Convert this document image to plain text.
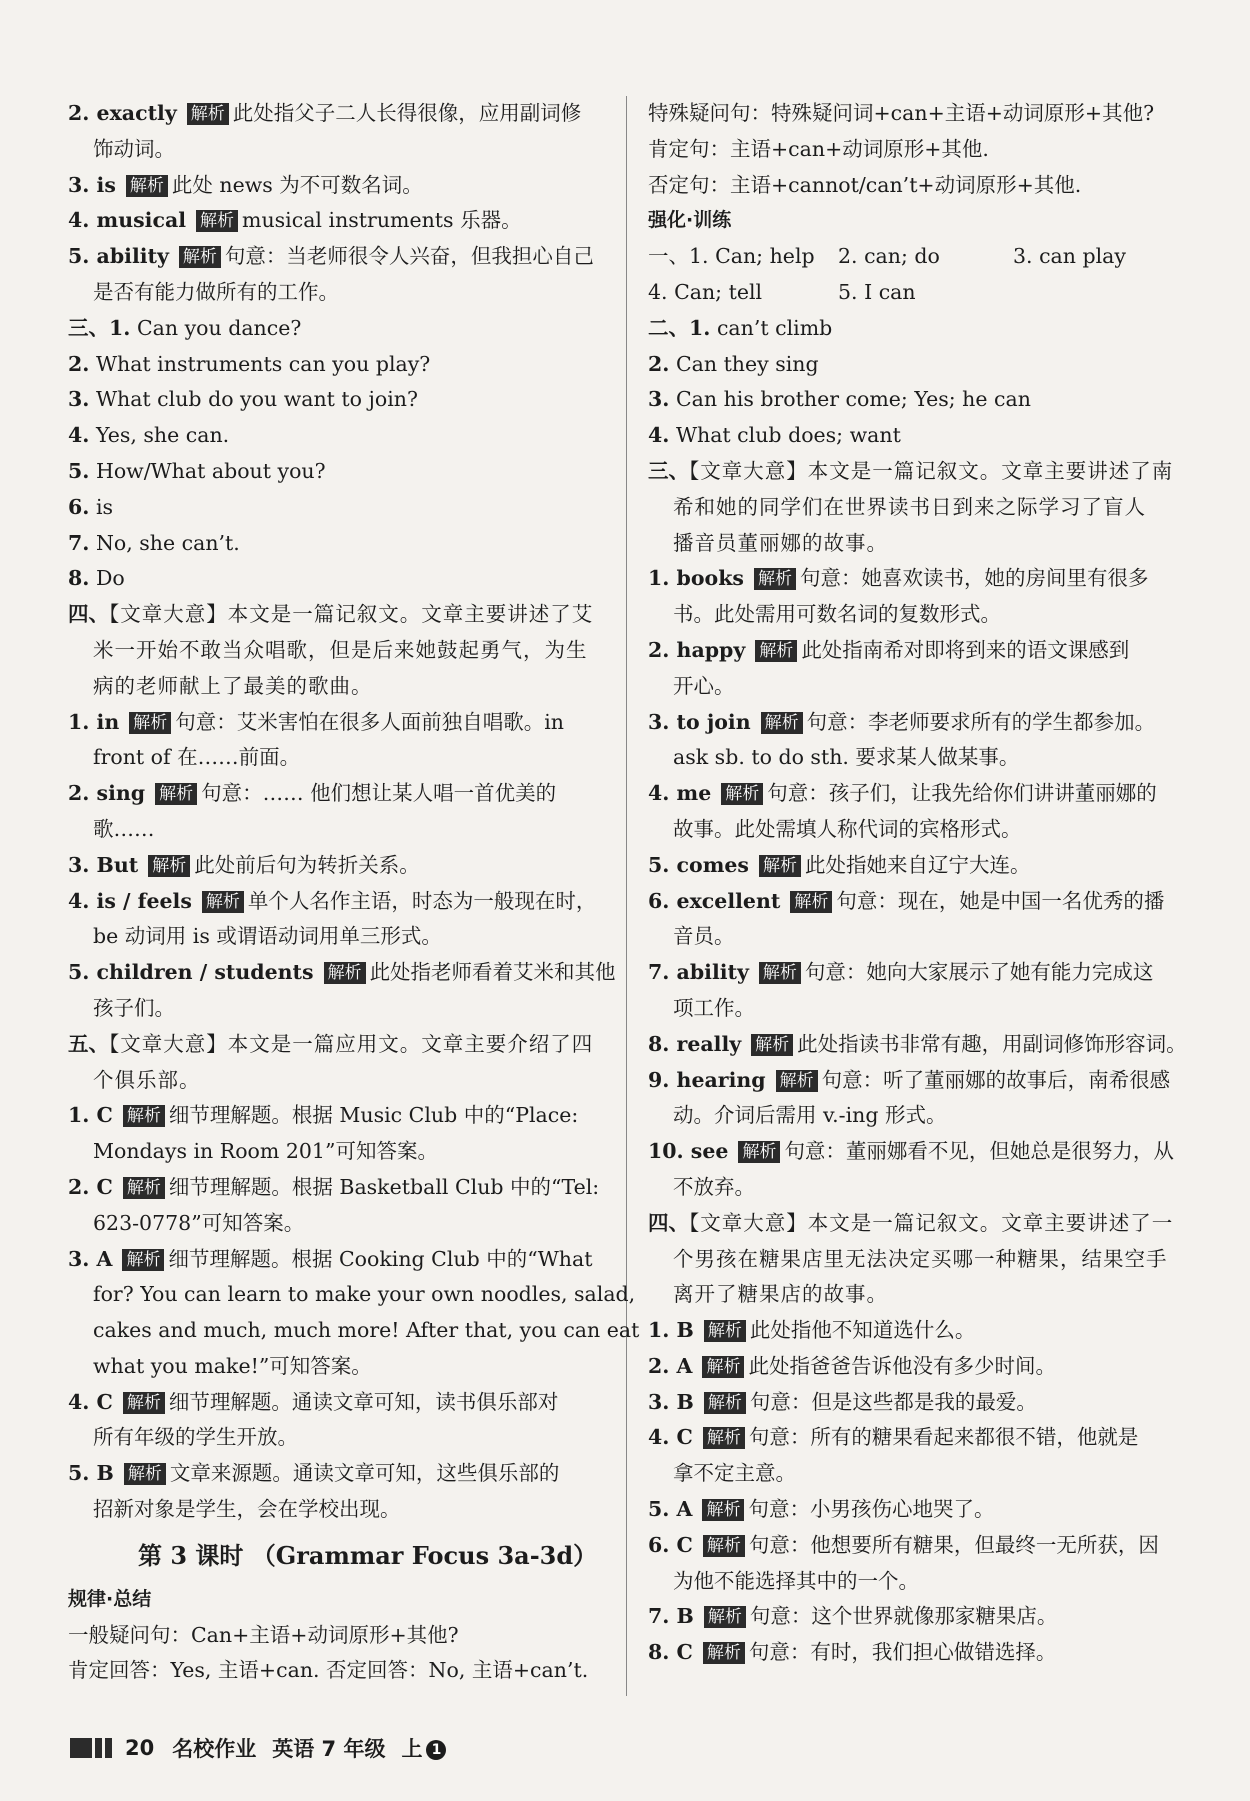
2. exactly 解析 此处指父子二人长得很像，应用副词修
饰动词。
3. is 解析 此处 news 为不可数名词。
4. musical 解析 musical instruments 乐器。
5. ability 解析 句意：当老师很令人兴奋，但我担心自己
是否有能力做所有的工作。
三、1. Can you dance?
2. What instruments can you play?
3. What club do you want to join?
4. Yes, she can.
5. How/What about you?
6. is
7. No, she can’t.
8. Do
四、【文章大意】本文是一篇记叙文。文章主要讲述了艾
米一开始不敢当众唱歌，但是后来她鼓起勇气，为生
病的老师献上了最美的歌曲。
1. in 解析 句意：艾米害怕在很多人面前独自唱歌。in
front of 在……前面。
2. sing 解析 句意：…… 他们想让某人唱一首优美的
歌……
3. But 解析 此处前后句为转折关系。
4. is / feels 解析 单个人名作主语，时态为一般现在时，
be 动词用 is 或谓语动词用单三形式。
5. children / students 解析 此处指老师看着艾米和其他
孩子们。
五、【文章大意】本文是一篇应用文。文章主要介绍了四
个俱乐部。
1. C 解析 细节理解题。根据 Music Club 中的“Place:
Mondays in Room 201”可知答案。
2. C 解析 细节理解题。根据 Basketball Club 中的“Tel:
623-0778”可知答案。
3. A 解析 细节理解题。根据 Cooking Club 中的“What
for? You can learn to make your own noodles, salad,
cakes and much, much more! After that, you can eat
what you make!”可知答案。
4. C 解析 细节理解题。通读文章可知，读书俱乐部对
所有年级的学生开放。
5. B 解析 文章来源题。通读文章可知，这些俱乐部的
招新对象是学生，会在学校出现。
第 3 课时 （Grammar Focus 3a-3d）
规律·总结
一般疑问句：Can+主语+动词原形+其他?
肯定回答：Yes, 主语+can. 否定回答：No, 主语+can’t.
特殊疑问句：特殊疑问词+can+主语+动词原形+其他?
肯定句：主语+can+动词原形+其他.
否定句：主语+cannot/can’t+动词原形+其他.
强化·训练
一、1. Can; help	2. can; do	3. can play
4. Can; tell	5. I can
二、1. can’t climb
2. Can they sing
3. Can his brother come; Yes; he can
4. What club does; want
三、【文章大意】本文是一篇记叙文。文章主要讲述了南
希和她的同学们在世界读书日到来之际学习了盲人
播音员董丽娜的故事。
1. books 解析 句意：她喜欢读书，她的房间里有很多
书。此处需用可数名词的复数形式。
2. happy 解析 此处指南希对即将到来的语文课感到
开心。
3. to join 解析 句意：李老师要求所有的学生都参加。
ask sb. to do sth. 要求某人做某事。
4. me 解析 句意：孩子们，让我先给你们讲讲董丽娜的
故事。此处需填人称代词的宾格形式。
5. comes 解析 此处指她来自辽宁大连。
6. excellent 解析 句意：现在，她是中国一名优秀的播
音员。
7. ability 解析 句意：她向大家展示了她有能力完成这
项工作。
8. really 解析 此处指读书非常有趣，用副词修饰形容词。
9. hearing 解析 句意：听了董丽娜的故事后，南希很感
动。介词后需用 v.-ing 形式。
10. see 解析 句意：董丽娜看不见，但她总是很努力，从
不放弃。
四、【文章大意】本文是一篇记叙文。文章主要讲述了一
个男孩在糖果店里无法决定买哪一种糖果，结果空手
离开了糖果店的故事。
1. B 解析 此处指他不知道选什么。
2. A 解析 此处指爸爸告诉他没有多少时间。
3. B 解析 句意：但是这些都是我的最爱。
4. C 解析 句意：所有的糖果看起来都很不错，他就是
拿不定主意。
5. A 解析 句意：小男孩伤心地哭了。
6. C 解析 句意：他想要所有糖果，但最终一无所获，因
为他不能选择其中的一个。
7. B 解析 句意：这个世界就像那家糖果店。
8. C 解析 句意：有时，我们担心做错选择。
20 名校作业 英语 7 年级 上 1
